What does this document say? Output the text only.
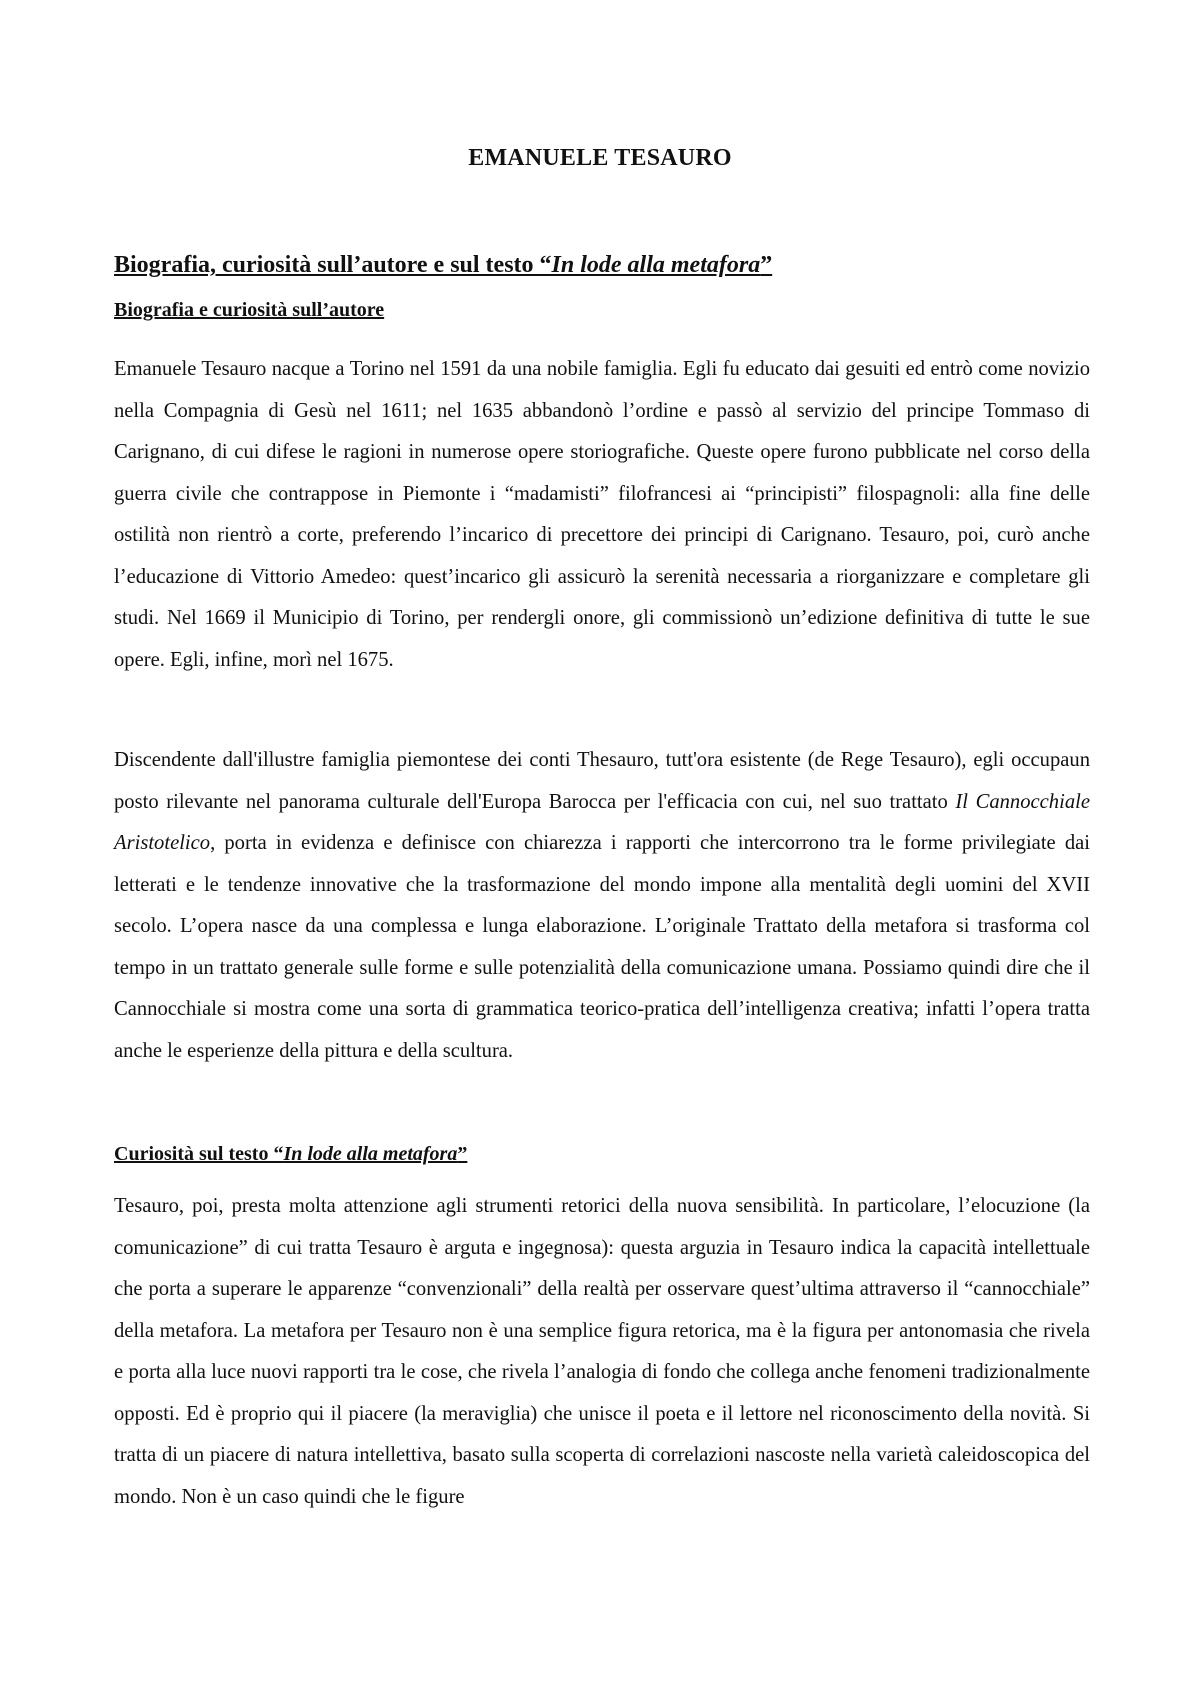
EMANUELE TESAURO
Biografia, curiosità sull’autore e sul testo “In lode alla metafora”
Biografia e curiosità sull’autore

Emanuele Tesauro nacque a Torino nel 1591 da una nobile famiglia. Egli fu educato dai gesuiti ed entrò come novizio nella Compagnia di Gesù nel 1611; nel 1635 abbandonò l’ordine e passò al servizio del principe Tommaso di Carignano, di cui difese le ragioni in numerose opere storiografiche. Queste opere furono pubblicate nel corso della guerra civile che contrappose in Piemonte i “madamisti” filofrancesi ai “principisti” filospagnoli: alla fine delle ostilità non rientrò a corte, preferendo l’incarico di precettore dei principi di Carignano. Tesauro, poi, curò anche l’educazione di Vittorio Amedeo: quest’incarico gli assicurò la serenità necessaria a riorganizzare e completare gli studi. Nel 1669 il Municipio di Torino, per rendergli onore, gli commissionò un’edizione definitiva di tutte le sue opere. Egli, infine, morì nel 1675.

Discendente dall'illustre famiglia piemontese dei conti Thesauro, tutt'ora esistente (de Rege Tesauro), egli occupaun posto rilevante nel panorama culturale dell'Europa Barocca per l'efficacia con cui, nel suo trattato Il Cannocchiale Aristotelico, porta in evidenza e definisce con chiarezza i rapporti che intercorrono tra le forme privilegiate dai letterati e le tendenze innovative che la trasformazione del mondo impone alla mentalità degli uomini del XVII secolo. L’opera nasce da una complessa e lunga elaborazione. L’originale Trattato della metafora si trasforma col tempo in un trattato generale sulle forme e sulle potenzialità della comunicazione umana. Possiamo quindi dire che il Cannocchiale si mostra come una sorta di grammatica teorico-pratica dell’intelligenza creativa; infatti l’opera tratta anche le esperienze della pittura e della scultura.

Curiosità sul testo “In lode alla metafora”

Tesauro, poi, presta molta attenzione agli strumenti retorici della nuova sensibilità. In particolare, l’elocuzione (la comunicazione” di cui tratta Tesauro è arguta e ingegnosa): questa arguzia in Tesauro indica la capacità intellettuale che porta a superare le apparenze “convenzionali” della realtà per osservare quest’ultima attraverso il “cannocchiale” della metafora. La metafora per Tesauro non è una semplice figura retorica, ma è la figura per antonomasia che rivela e porta alla luce nuovi rapporti tra le cose, che rivela l’analogia di fondo che collega anche fenomeni tradizionalmente opposti. Ed è proprio qui il piacere (la meraviglia) che unisce il poeta e il lettore nel riconoscimento della novità. Si tratta di un piacere di natura intellettiva, basato sulla scoperta di correlazioni nascoste nella varietà caleidoscopica del mondo. Non è un caso quindi che le figure
